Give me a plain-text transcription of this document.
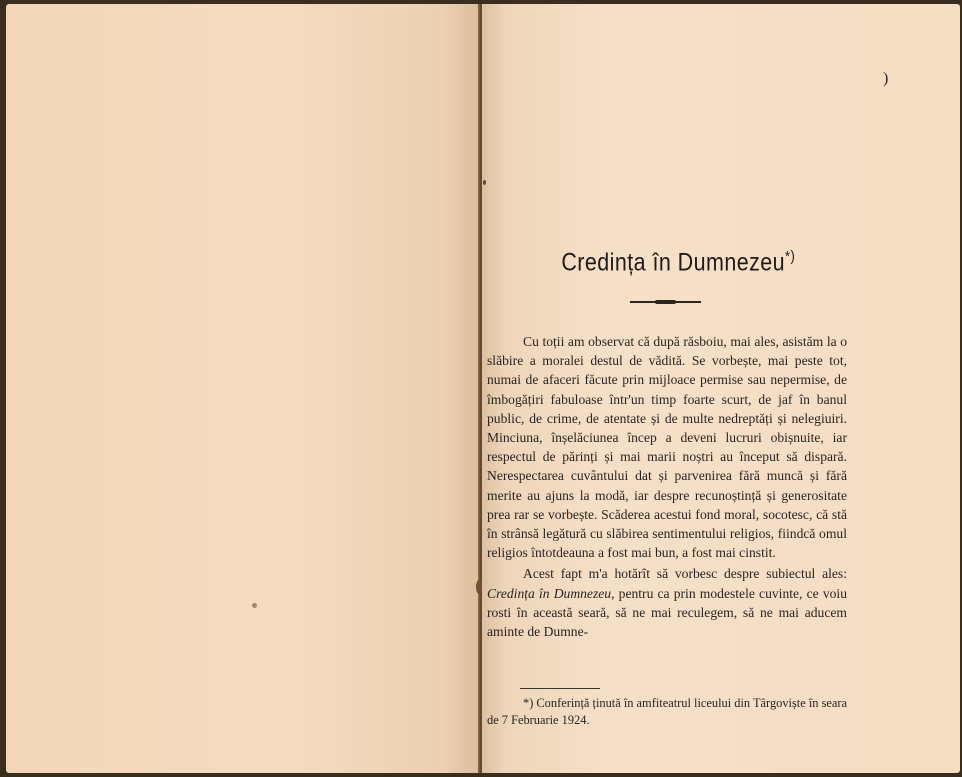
)
Credința în Dumnezeu*)

Cu toții am observat că după răsboiu, mai ales, asistăm la o slăbire a moralei destul de vădită. Se vorbește, mai peste tot, numai de afaceri făcute prin mijloace permise sau nepermise, de îmbogățiri fabuloase într'un timp foarte scurt, de jaf în banul public, de crime, de atentate și de multe nedreptăți și nelegiuiri. Minciuna, înșelăciunea încep a deveni lucruri obișnuite, iar respectul de părinți și mai marii noștri au început să dispară. Nerespectarea cuvântului dat și parvenirea fără muncă și fără merite au ajuns la modă, iar despre recunoștință și generositate prea rar se vorbește. Scăderea acestui fond moral, socotesc, că stă în strânsă legătură cu slăbirea sentimentului religios, fiindcă omul religios întotdeauna a fost mai bun, a fost mai cinstit.

Acest fapt m'a hotărît să vorbesc despre subiectul ales: Credința în Dumnezeu, pentru ca prin modestele cuvinte, ce voiu rosti în această seară, să ne mai reculegem, să ne mai aducem aminte de Dumne-

*) Conferință ținută în amfiteatrul liceului din Târgoviște în seara de 7 Februarie 1924.
